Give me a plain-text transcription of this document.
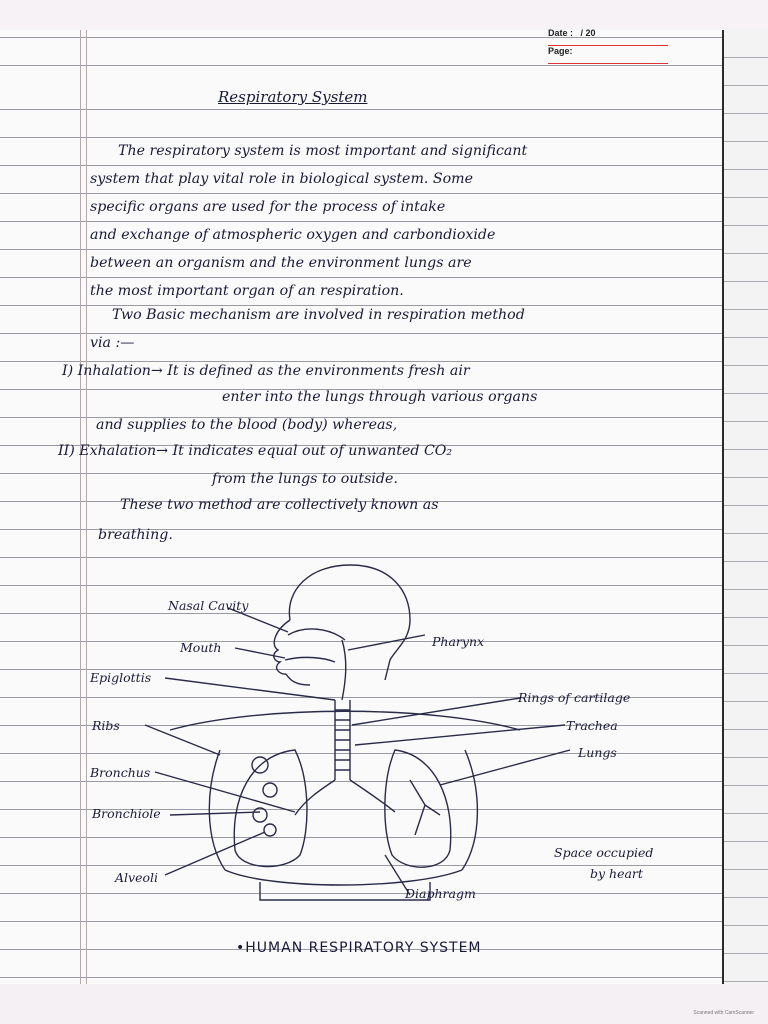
Date : / 20
Page:
Respiratory System
The respiratory system is most important and significant
system that play vital role in biological system. Some
specific organs are used for the process of intake
and exchange of atmospheric oxygen and carbondioxide
between an organism and the environment lungs are
the most important organ of an respiration.
Two Basic mechanism are involved in respiration method
via :—
I) Inhalation→ It is defined as the environments fresh air
enter into the lungs through various organs
and supplies to the blood (body) whereas,
II) Exhalation→ It indicates equal out of unwanted CO₂
from the lungs to outside.
These two method are collectively known as
breathing.
Nasal Cavity
Mouth	Pharynx
Epiglottis
Rings of cartilage
Ribs	Trachea
Lungs
Bronchus
Bronchiole
Space occupied
by heart
Alveoli
Diaphragm
•HUMAN RESPIRATORY SYSTEM
Scanned with CamScanner
